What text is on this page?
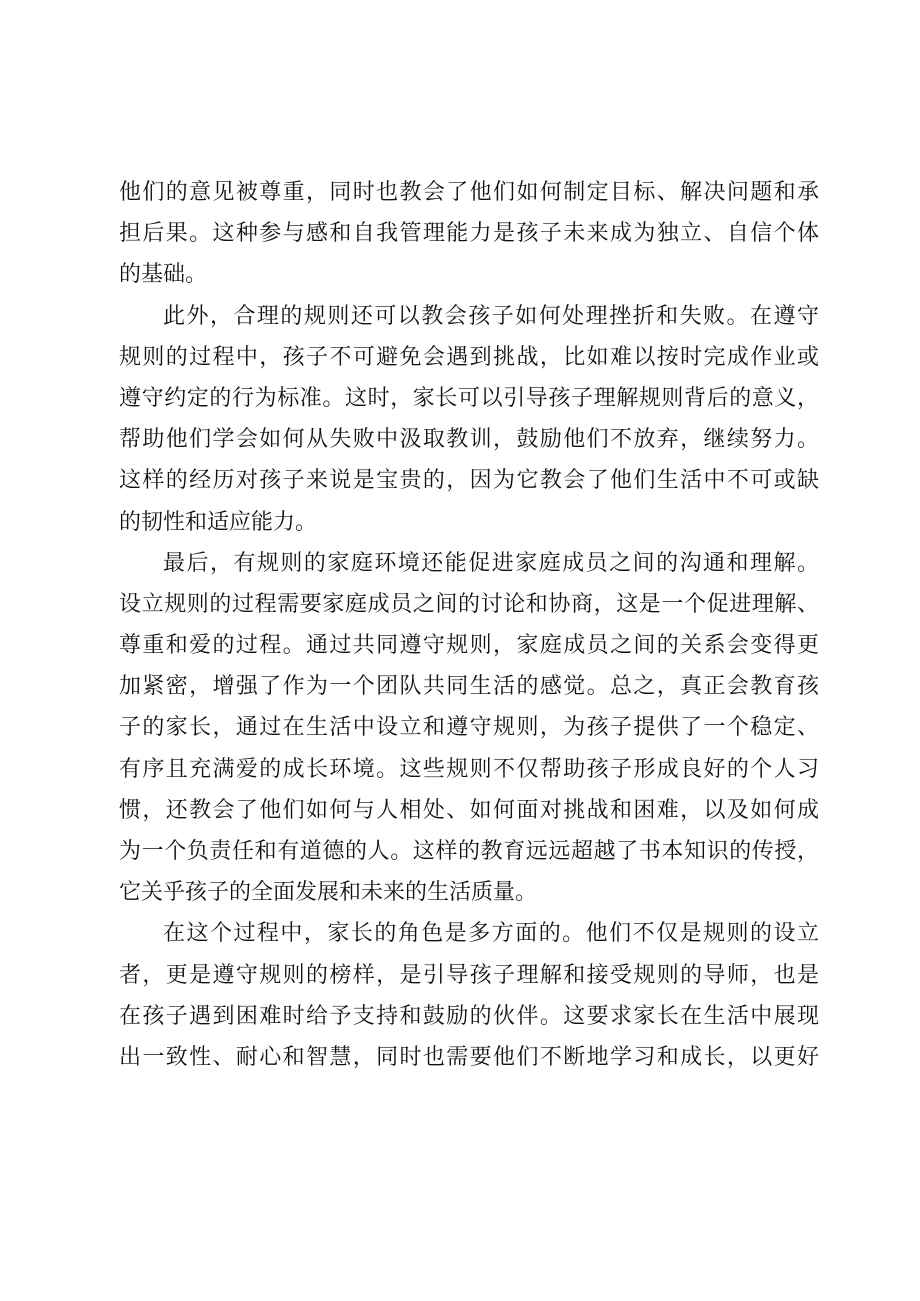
他们的意见被尊重，同时也教会了他们如何制定目标、解决问题和承
担后果。这种参与感和自我管理能力是孩子未来成为独立、自信个体
的基础。

此外，合理的规则还可以教会孩子如何处理挫折和失败。在遵守
规则的过程中，孩子不可避免会遇到挑战，比如难以按时完成作业或
遵守约定的行为标准。这时，家长可以引导孩子理解规则背后的意义，
帮助他们学会如何从失败中汲取教训，鼓励他们不放弃，继续努力。
这样的经历对孩子来说是宝贵的，因为它教会了他们生活中不可或缺
的韧性和适应能力。

最后，有规则的家庭环境还能促进家庭成员之间的沟通和理解。
设立规则的过程需要家庭成员之间的讨论和协商，这是一个促进理解、
尊重和爱的过程。通过共同遵守规则，家庭成员之间的关系会变得更
加紧密，增强了作为一个团队共同生活的感觉。总之，真正会教育孩
子的家长，通过在生活中设立和遵守规则，为孩子提供了一个稳定、
有序且充满爱的成长环境。这些规则不仅帮助孩子形成良好的个人习
惯，还教会了他们如何与人相处、如何面对挑战和困难，以及如何成
为一个负责任和有道德的人。这样的教育远远超越了书本知识的传授，
它关乎孩子的全面发展和未来的生活质量。

在这个过程中，家长的角色是多方面的。他们不仅是规则的设立
者，更是遵守规则的榜样，是引导孩子理解和接受规则的导师，也是
在孩子遇到困难时给予支持和鼓励的伙伴。这要求家长在生活中展现
出一致性、耐心和智慧，同时也需要他们不断地学习和成长，以更好
